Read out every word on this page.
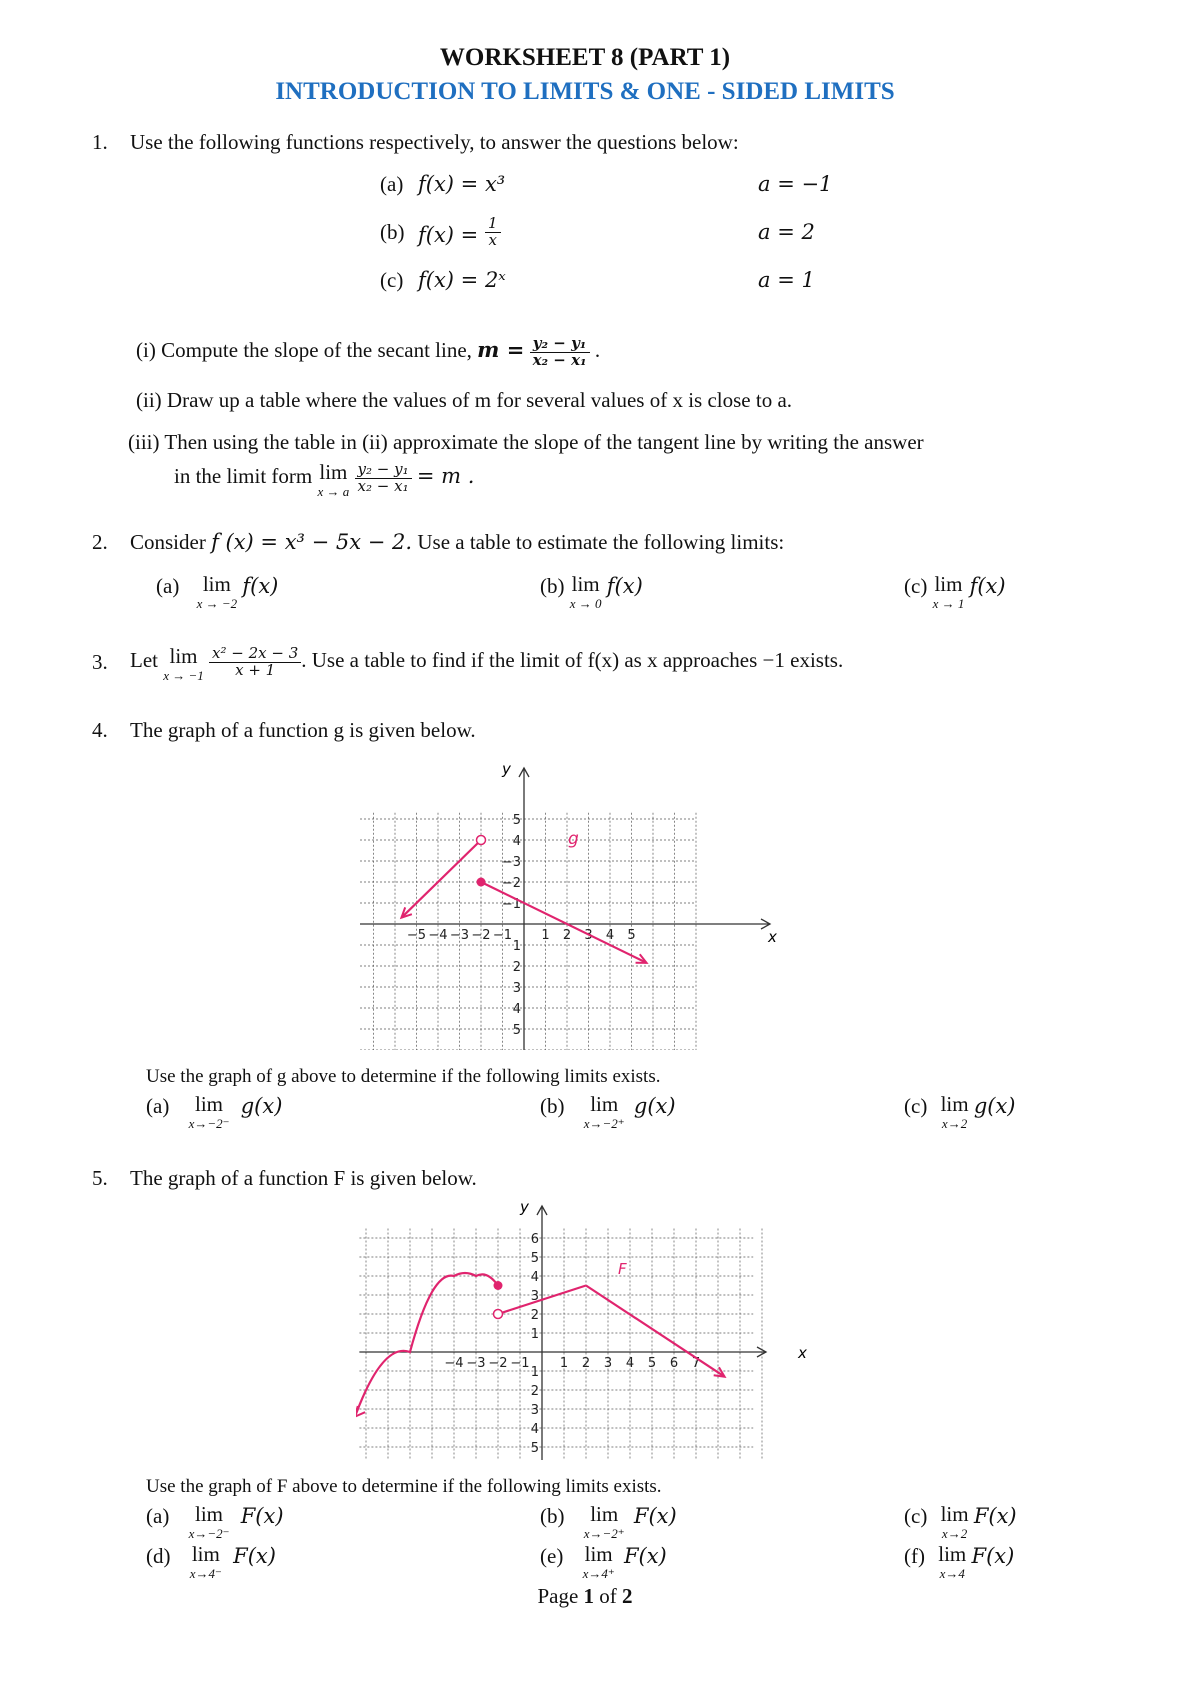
WORKSHEET 8 (PART 1)
INTRODUCTION TO LIMITS & ONE - SIDED LIMITS
1. Use the following functions respectively, to answer the questions below:
(a) f(x) = x³	a = −1
(b) $f(x) = \frac{1}{x}$	a = 2
(c) f(x) = 2ˣ	a = 1
(i) Compute the slope of the secant line, $m = \frac{\text{y₂ − y₁}}{\text{x₂ − x₁}}$ .
(ii) Draw up a table where the values of m for several values of x is close to a.
(iii) Then using the table in (ii) approximate the slope of the tangent line by writing the answer
in the limit form lim
x → a
$\frac{\text{y₂ − y₁}}{\text{x₂ − x₁}} = m$ .
2. Consider f (x) = x³ − 5x − 2. Use a table to estimate the following limits:
(a) lim
x → −2
f(x)	(b) lim
x → 0
f(x)	(c) lim
x → 1
f(x)
3. Let lim
x → −1
$\frac{\text{x² − 2x − 3}}{x + 1}$ . Use a table to find if the limit of f(x) as x approaches −1 exists.
4. The graph of a function g is given below.
−5 −4 −3 −2 −1 1 2 3 4 5
5
4
3
2
1
−1
−2
−3
4
5
g
x
y
Use the graph of g above to determine if the following limits exists.
(a) lim
x→−2⁻
g(x)	(b) lim
x→−2⁺
g(x)	(c) lim
x→2
g(x)
5. The graph of a function F is given below.
−4 −3 −2 −1 1 2 3 4 5 6 7
6
5
4
3
2
1
1
2
3
4
5
F
x
y
Use the graph of F above to determine if the following limits exists.
(a) lim
x→−2⁻
F(x)	(b) lim
x→−2⁺
F(x)	(c) lim
x→2
F(x)
(d) lim
x→4⁻
F(x)	(e) lim
x→4⁺
F(x)	(f) lim
x→4
F(x)
Page 1 of 2
